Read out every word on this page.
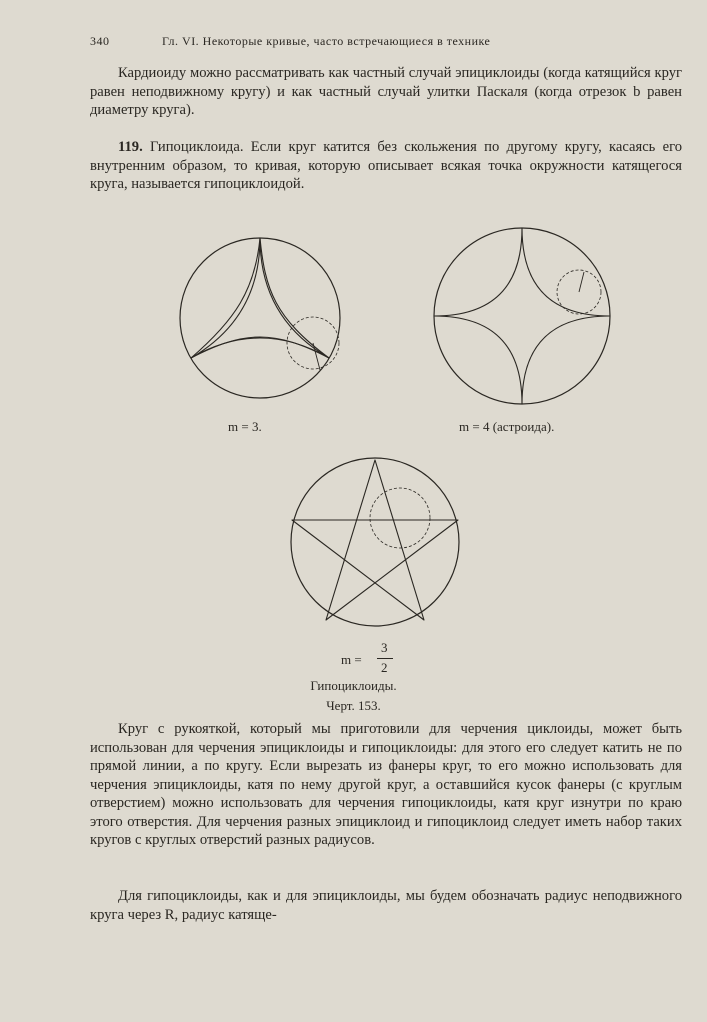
340	Гл. VI. Некоторые кривые, часто встречающиеся в технике

Кардиоиду можно рассматривать как частный случай эпициклоиды (когда катящийся круг равен неподвижному кругу) и как частный случай улитки Паскаля (когда отрезок b равен диаметру круга).

119. Гипоциклоида. Если круг катится без скольжения по другому кругу, касаясь его внутренним образом, то кривая, которую описывает всякая точка окружности катящегося круга, называется гипоциклоидой.

m = 3.	m = 4 (астроида).
m =
3
2
Гипоциклоиды.
Черт. 153.

Круг с рукояткой, который мы приготовили для черчения циклоиды, может быть использован для черчения эпициклоиды и гипоциклоиды: для этого его следует катить не по прямой линии, а по кругу. Если вырезать из фанеры круг, то его можно использовать для черчения эпициклоиды, катя по нему другой круг, а оставшийся кусок фанеры (с круглым отверстием) можно использовать для черчения гипоциклоиды, катя круг изнутри по краю этого отверстия. Для черчения разных эпициклоид и гипоциклоид следует иметь набор таких кругов с круглых отверстий разных радиусов.

Для гипоциклоиды, как и для эпициклоиды, мы будем обозначать радиус неподвижного круга через R, радиус катяще-
